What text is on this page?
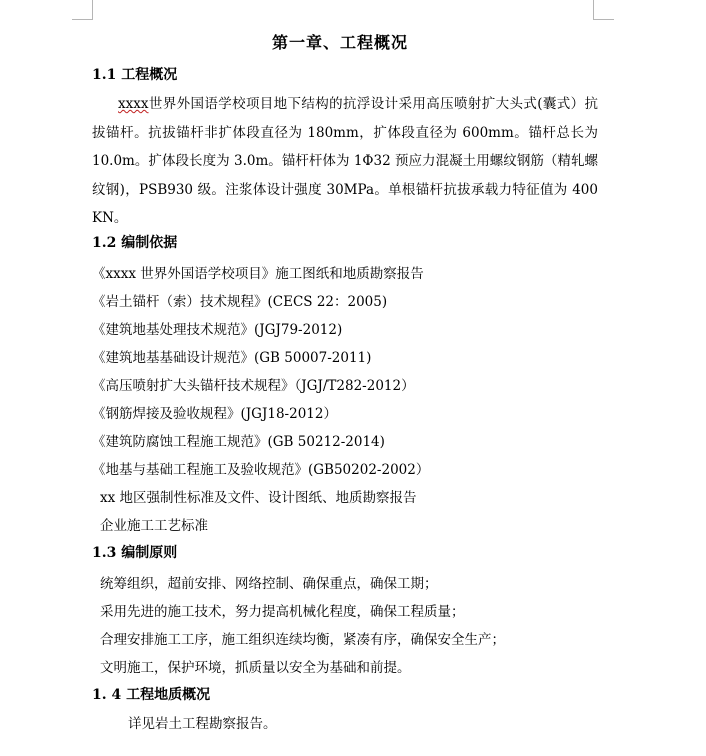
第一章、工程概况
1.1 工程概况
xxxx世界外国语学校项目地下结构的抗浮设计采用高压喷射扩大头式(囊式）抗拔锚杆。抗拔锚杆非扩体段直径为 180mm，扩体段直径为 600mm。锚杆总长为 10.0m。扩体段长度为 3.0m。锚杆杆体为 1Φ32 预应力混凝土用螺纹钢筋（精轧螺纹钢)，PSB930 级。注浆体设计强度 30MPa。单根锚杆抗拔承载力特征值为 400 KN。
1.2 编制依据
《xxxx 世界外国语学校项目》施工图纸和地质勘察报告
《岩土锚杆（索）技术规程》(CECS 22：2005)
《建筑地基处理技术规范》(JGJ79-2012)
《建筑地基基础设计规范》(GB 50007-2011)
《高压喷射扩大头锚杆技术规程》（JGJ/T282-2012）
《钢筋焊接及验收规程》(JGJ18-2012）
《建筑防腐蚀工程施工规范》(GB 50212-2014)
《地基与基础工程施工及验收规范》(GB50202-2002）
xx 地区强制性标准及文件、设计图纸、地质勘察报告
企业施工工艺标准
1.3 编制原则
统筹组织，超前安排、网络控制、确保重点，确保工期；
采用先进的施工技术，努力提高机械化程度，确保工程质量；
合理安排施工工序，施工组织连续均衡，紧凑有序，确保安全生产；
文明施工，保护环境，抓质量以安全为基础和前提。
1. 4 工程地质概况
详见岩土工程勘察报告。
